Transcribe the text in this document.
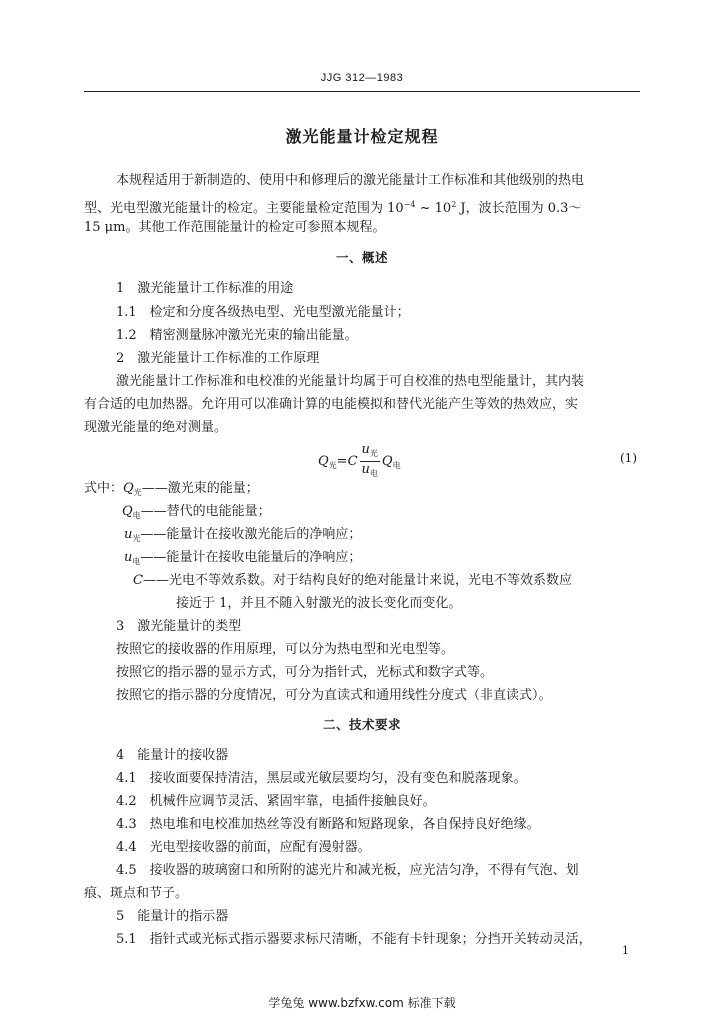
JJG 312—1983
激光能量计检定规程
本规程适用于新制造的、使用中和修理后的激光能量计工作标准和其他级别的热电
型、光电型激光能量计的检定。主要能量检定范围为 $10^{-4}$ ~ $10^2$ J，波长范围为 0.3～
15 μm。其他工作范围能量计的检定可参照本规程。
一、概述
1　激光能量计工作标准的用途
1.1　检定和分度各级热电型、光电型激光能量计；
1.2　精密测量脉冲激光光束的输出能量。
2　激光能量计工作标准的工作原理
激光能量计工作标准和电校准的光能量计均属于可自校准的热电型能量计，其内装
有合适的电加热器。允许用可以准确计算的电能模拟和替代光能产生等效的热效应，实
现激光能量的绝对测量。
$Q_光=C \frac{u_光}{u_电} Q_电$
(1)
式中：$Q_光——$激光束的能量；
$Q_电——$替代的电能能量；
$u_光——$能量计在接收激光能后的净响应；
$u_电——$能量计在接收电能量后的净响应；
C——光电不等效系数。对于结构良好的绝对能量计来说，光电不等效系数应
接近于 1，并且不随入射激光的波长变化而变化。
3　激光能量计的类型
按照它的接收器的作用原理，可以分为热电型和光电型等。
按照它的指示器的显示方式，可分为指针式，光标式和数字式等。
按照它的指示器的分度情况，可分为直读式和通用线性分度式（非直读式）。
二、技术要求
4　能量计的接收器
4.1　接收面要保持清洁，黑层或光敏层要均匀，没有变色和脱落现象。
4.2　机械件应调节灵活、紧固牢靠，电插件接触良好。
4.3　热电堆和电校准加热丝等没有断路和短路现象，各自保持良好绝缘。
4.4　光电型接收器的前面，应配有漫射器。
4.5　接收器的玻璃窗口和所附的滤光片和减光板，应光洁匀净，不得有气泡、划
痕、斑点和节子。
5　能量计的指示器
5.1　指针式或光标式指示器要求标尺清晰，不能有卡针现象；分挡开关转动灵活，
1
学兔兔 www.bzfxw.com 标准下载
